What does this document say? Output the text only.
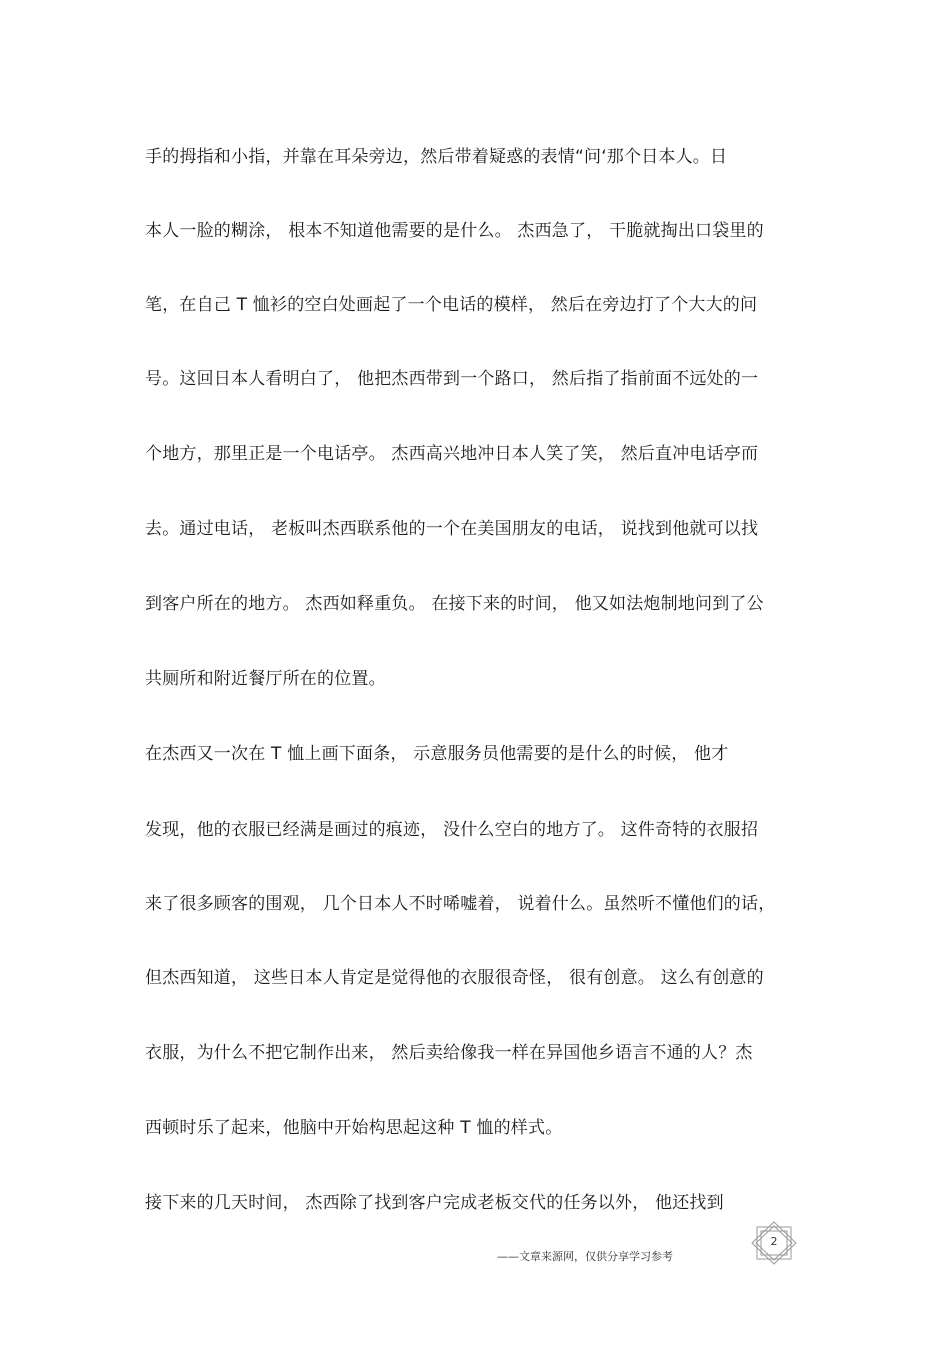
手的拇指和小指，并靠在耳朵旁边，然后带着疑惑的表情“问‘那个日本人。日
本人一脸的糊涂， 根本不知道他需要的是什么。 杰西急了， 干脆就掏出口袋里的
笔，在自己 T 恤衫的空白处画起了一个电话的模样， 然后在旁边打了个大大的问
号。这回日本人看明白了， 他把杰西带到一个路口， 然后指了指前面不远处的一
个地方，那里正是一个电话亭。 杰西高兴地冲日本人笑了笑， 然后直冲电话亭而
去。通过电话， 老板叫杰西联系他的一个在美国朋友的电话， 说找到他就可以找
到客户所在的地方。 杰西如释重负。 在接下来的时间， 他又如法炮制地问到了公
共厕所和附近餐厅所在的位置。
在杰西又一次在 T 恤上画下面条， 示意服务员他需要的是什么的时候， 他才
发现，他的衣服已经满是画过的痕迹， 没什么空白的地方了。 这件奇特的衣服招
来了很多顾客的围观， 几个日本人不时唏嘘着， 说着什么。虽然听不懂他们的话，
但杰西知道， 这些日本人肯定是觉得他的衣服很奇怪， 很有创意。 这么有创意的
衣服，为什么不把它制作出来， 然后卖给像我一样在异国他乡语言不通的人？杰
西顿时乐了起来，他脑中开始构思起这种 T 恤的样式。
接下来的几天时间， 杰西除了找到客户完成老板交代的任务以外， 他还找到
——文章来源网，仅供分享学习参考
2
